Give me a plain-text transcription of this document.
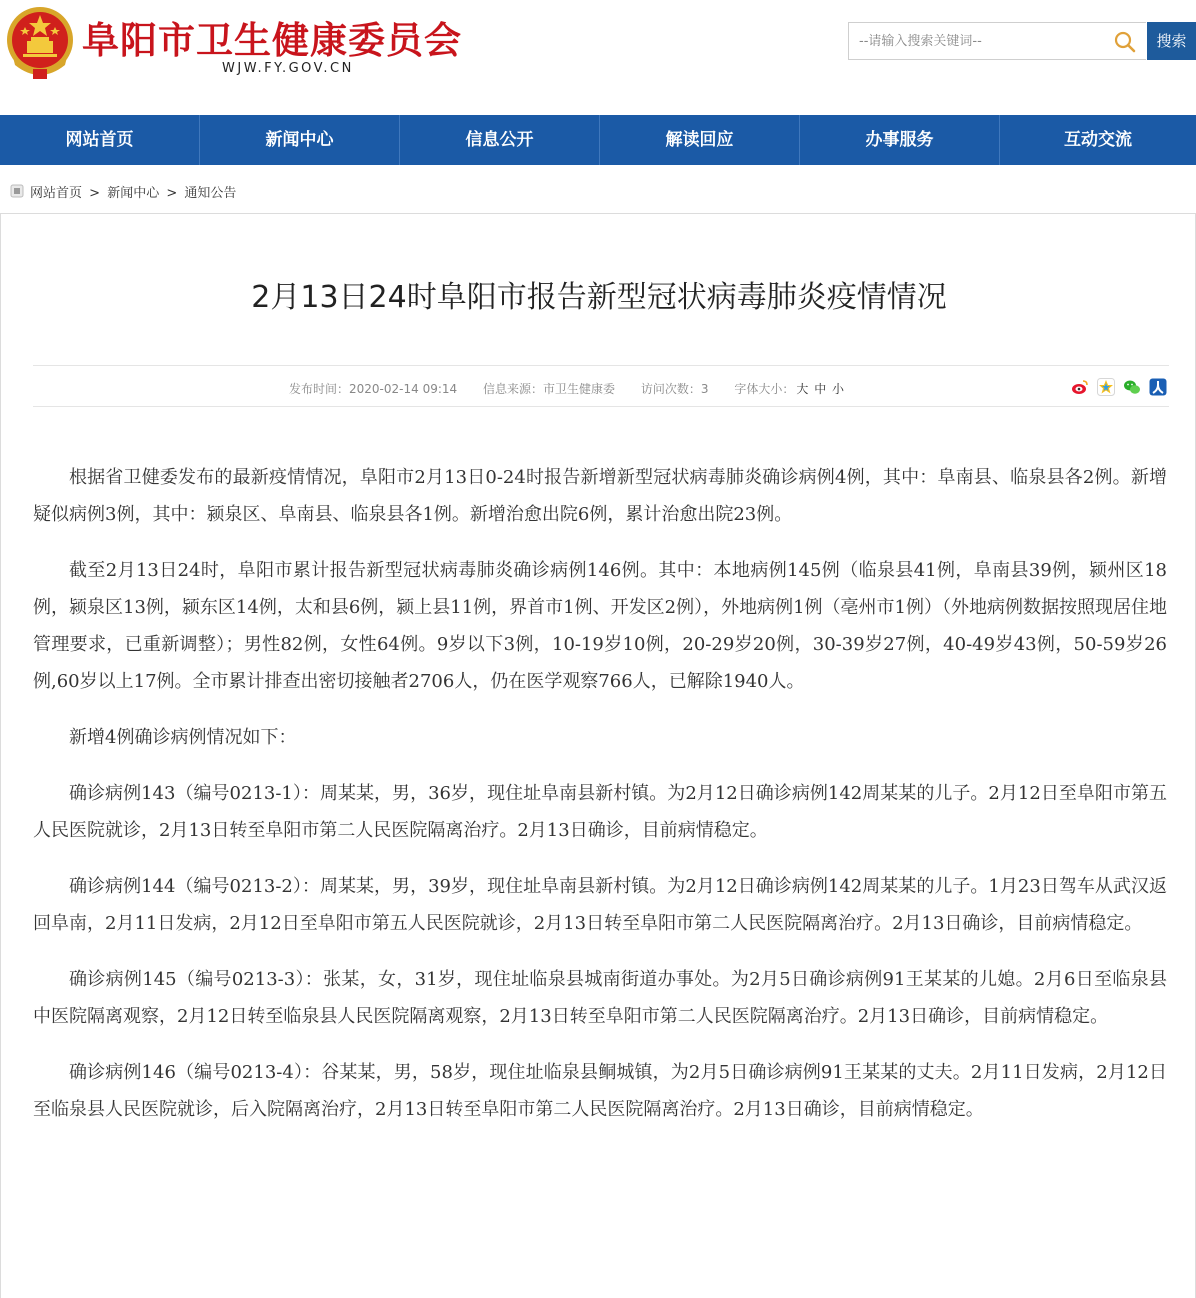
阜阳市卫生健康委员会
WJW.FY.GOV.CN
--请输入搜索关键词--
搜索
网站首页	新闻中心	信息公开	解读回应	办事服务	互动交流
网站首页 > 新闻中心 > 通知公告
2月13日24时阜阳市报告新型冠状病毒肺炎疫情情况
发布时间：2020-02-14 09:14 信息来源：市卫生健康委 访问次数：3 字体大小： 大 中 小

根据省卫健委发布的最新疫情情况，阜阳市2月13日0-24时报告新增新型冠状病毒肺炎确诊病例4例，其中：阜南县、临泉县各2例。新增疑似病例3例，其中：颍泉区、阜南县、临泉县各1例。新增治愈出院6例，累计治愈出院23例。

截至2月13日24时，阜阳市累计报告新型冠状病毒肺炎确诊病例146例。其中：本地病例145例（临泉县41例，阜南县39例，颍州区18例，颍泉区13例，颍东区14例，太和县6例，颍上县11例，界首市1例、开发区2例），外地病例1例（亳州市1例）（外地病例数据按照现居住地管理要求，已重新调整）；男性82例，女性64例。9岁以下3例，10-19岁10例，20-29岁20例，30-39岁27例，40-49岁43例，50-59岁26例,60岁以上17例。全市累计排查出密切接触者2706人，仍在医学观察766人，已解除1940人。

新增4例确诊病例情况如下：

确诊病例143（编号0213-1）：周某某，男，36岁，现住址阜南县新村镇。为2月12日确诊病例142周某某的儿子。2月12日至阜阳市第五人民医院就诊，2月13日转至阜阳市第二人民医院隔离治疗。2月13日确诊，目前病情稳定。

确诊病例144（编号0213-2）：周某某，男，39岁，现住址阜南县新村镇。为2月12日确诊病例142周某某的儿子。1月23日驾车从武汉返回阜南，2月11日发病，2月12日至阜阳市第五人民医院就诊，2月13日转至阜阳市第二人民医院隔离治疗。2月13日确诊，目前病情稳定。

确诊病例145（编号0213-3）：张某，女，31岁，现住址临泉县城南街道办事处。为2月5日确诊病例91王某某的儿媳。2月6日至临泉县中医院隔离观察，2月12日转至临泉县人民医院隔离观察，2月13日转至阜阳市第二人民医院隔离治疗。2月13日确诊，目前病情稳定。

确诊病例146（编号0213-4）：谷某某，男，58岁，现住址临泉县鲖城镇，为2月5日确诊病例91王某某的丈夫。2月11日发病，2月12日至临泉县人民医院就诊，后入院隔离治疗，2月13日转至阜阳市第二人民医院隔离治疗。2月13日确诊，目前病情稳定。
